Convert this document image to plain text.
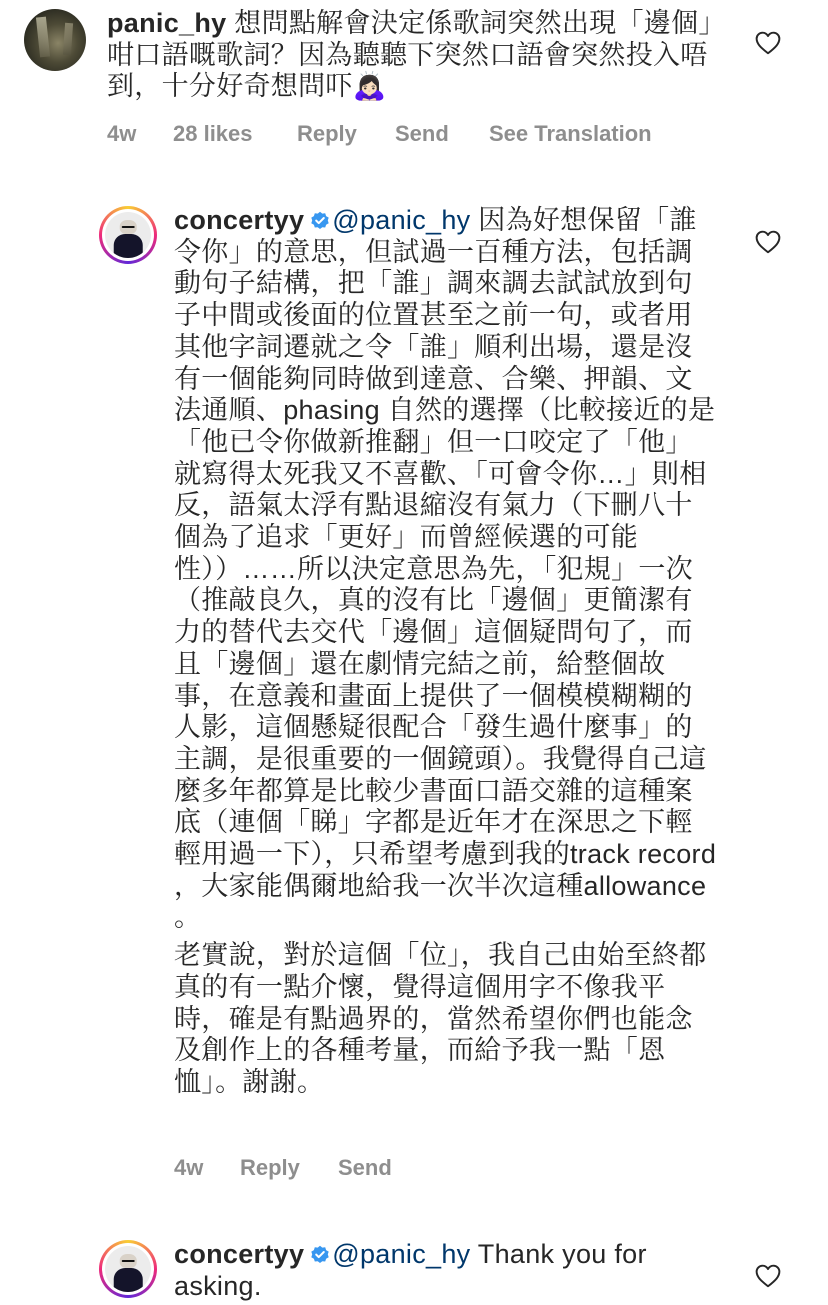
panic_hy 想問點解會決定係歌詞突然出現「邊個」咁口語嘅歌詞？因為聽聽下突然口語會突然投入唔到，十分好奇想問吓🙇🏻‍♀️
4w	28 likes	Reply	Send	See Translation
concertyy @panic_hy 因為好想保留「誰令你」的意思，但試過一百種方法，包括調動句子結構，把「誰」調來調去試試放到句子中間或後面的位置甚至之前一句，或者用其他字詞遷就之令「誰」順利出場，還是沒有一個能夠同時做到達意、合樂、押韻、文法通順、phasing 自然的選擇（比較接近的是「他已令你做新推翻」但一口咬定了「他」就寫得太死我又不喜歡、「可會令你…」則相反，語氣太浮有點退縮沒有氣力（下刪八十個為了追求「更好」而曾經候選的可能性））……所以決定意思為先，「犯規」一次（推敲良久，真的沒有比「邊個」更簡潔有力的替代去交代「邊個」這個疑問句了，而且「邊個」還在劇情完結之前，給整個故事，在意義和畫面上提供了一個模模糊糊的人影，這個懸疑很配合「發生過什麼事」的主調，是很重要的一個鏡頭）。我覺得自己這麼多年都算是比較少書面口語交雜的這種案底（連個「睇」字都是近年才在深思之下輕輕用過一下），只希望考慮到我的track record ，大家能偶爾地給我一次半次這種allowance 。
老實說，對於這個「位」，我自己由始至終都真的有一點介懷，覺得這個用字不像我平時，確是有點過界的，當然希望你們也能念及創作上的各種考量，而給予我一點「恩恤」。謝謝。
4w	Reply	Send
concertyy @panic_hy Thank you for asking.
